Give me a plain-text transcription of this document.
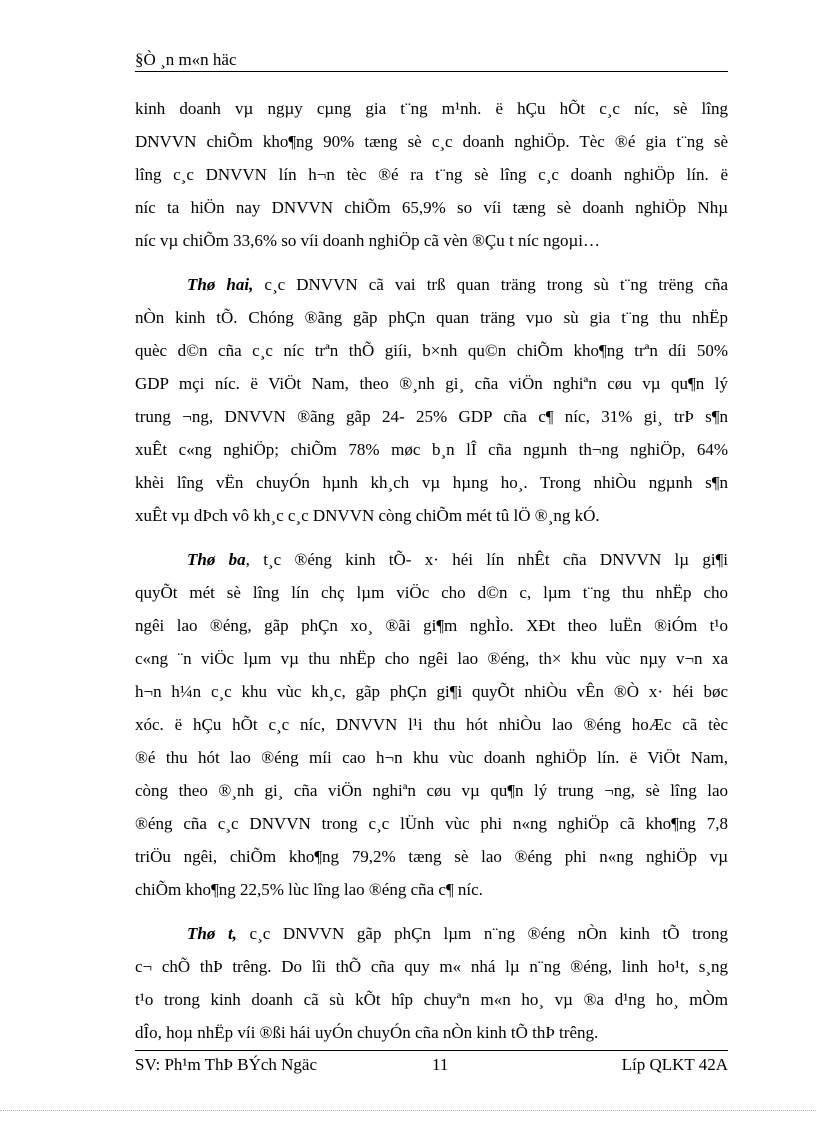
§Ò ¸n m«n häc

kinh doanh vµ ngµy cµng gia t¨ng m¹nh. ë hÇu hÕt c¸c níc, sè lîng
DNVVN chiÕm kho¶ng 90% tæng sè c¸c doanh nghiÖp. Tèc ®é gia t¨ng sè
lîng c¸c DNVVN lín h¬n tèc ®é ra t¨ng sè lîng c¸c doanh nghiÖp lín. ë
níc ta hiÖn nay DNVVN chiÕm 65,9% so víi tæng sè doanh nghiÖp Nhµ
níc vµ chiÕm 33,6% so víi doanh nghiÖp cã vèn ®Çu t níc ngoµi…

Thø hai, c¸c DNVVN cã vai trß quan träng trong sù t¨ng trëng cña
nÒn kinh tÕ. Chóng ®ãng gãp phÇn quan träng vµo sù gia t¨ng thu nhËp
quèc d©n cña c¸c níc trªn thÕ giíi, b×nh qu©n chiÕm kho¶ng trªn díi 50%
GDP mçi níc. ë ViÖt Nam, theo ®¸nh gi¸ cña viÖn nghiªn cøu vµ qu¶n lý
trung ¬ng, DNVVN ®ãng gãp 24- 25% GDP cña c¶ níc, 31% gi¸ trÞ s¶n
xuÊt c«ng nghiÖp; chiÕm 78% møc b¸n lÎ cña ngµnh th¬ng nghiÖp, 64%
khèi lîng vËn chuyÓn hµnh kh¸ch vµ hµng ho¸. Trong nhiÒu ngµnh s¶n
xuÊt vµ dÞch vô kh¸c c¸c DNVVN còng chiÕm mét tû lÖ ®¸ng kÓ.

Thø ba, t¸c ®éng kinh tÕ- x· héi lín nhÊt cña DNVVN lµ gi¶i
quyÕt mét sè lîng lín chç lµm viÖc cho d©n c, lµm t¨ng thu nhËp cho
ngêi lao ®éng, gãp phÇn xo¸ ®ãi gi¶m nghÌo. XÐt theo luËn ®iÓm t¹o
c«ng ¨n viÖc lµm vµ thu nhËp cho ngêi lao ®éng, th× khu vùc nµy v¬n xa
h¬n h¼n c¸c khu vùc kh¸c, gãp phÇn gi¶i quyÕt nhiÒu vÊn ®Ò x· héi bøc
xóc. ë hÇu hÕt c¸c níc, DNVVN l¹i thu hót nhiÒu lao ®éng hoÆc cã tèc
®é thu hót lao ®éng míi cao h¬n khu vùc doanh nghiÖp lín. ë ViÖt Nam,
còng theo ®¸nh gi¸ cña viÖn nghiªn cøu vµ qu¶n lý trung ¬ng, sè lîng lao
®éng cña c¸c DNVVN trong c¸c lÜnh vùc phi n«ng nghiÖp cã kho¶ng 7,8
triÖu ngêi, chiÕm kho¶ng 79,2% tæng sè lao ®éng phi n«ng nghiÖp vµ
chiÕm kho¶ng 22,5% lùc lîng lao ®éng cña c¶ níc.

Thø t, c¸c DNVVN gãp phÇn lµm n¨ng ®éng nÒn kinh tÕ trong
c¬ chÕ thÞ trêng. Do lîi thÕ cña quy m« nhá lµ n¨ng ®éng, linh ho¹t, s¸ng
t¹o trong kinh doanh cã sù kÕt hîp chuyªn m«n ho¸ vµ ®a d¹ng ho¸ mÒm
dÎo, hoµ nhËp víi ®ßi hái uyÓn chuyÓn cña nÒn kinh tÕ thÞ trêng.

SV: Ph¹m ThÞ BÝch Ngäc	11	Líp QLKT 42A
